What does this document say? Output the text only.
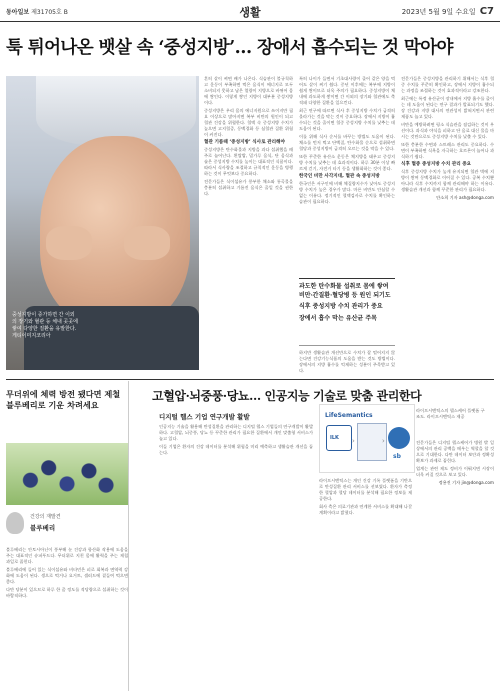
동아일보 제31705호 B	생활	2023년 5월 9일 수요일 C7
툭 튀어나온 뱃살 속 ‘중성지방’… 장애서 흡수되는 것 막아야
중성지방이 증가하면 간 이외의 장기와 혈관 등 체내 곳곳에 쌓여 다양한 질환을 유발한다. 게티이미지코리아

흔히 살이 찌면 배가 나온다. 식습관이 불규칙하고 운동이 부족하면 먹은 음식이 에너지로 모두 소비되지 못하고 남은 열량이 지방으로 바뀌어 몸에 쌓인다. 이렇게 쌓인 지방이 대부분 중성지방이다.

중성지방은 우리 몸의 에너지원으로 쓰이지만 필요 이상으로 많아지면 복부 비만의 원인이 되고 혈관 건강을 위협한다. 혈액 속 중성지방 수치가 높으면 고지혈증, 동맥경화 등 심혈관 질환 위험이 커진다.

혈관 기름때 ‘중성지방’ 식사로 관리해야

중성지방은 탄수화물과 지방을 과다 섭취했을 때 주로 늘어난다. 흰쌀밥, 밀가루 음식, 단 음식과 술은 중성지방 수치를 높이는 대표적인 식품이다. 따라서 식사량을 조절하고 규칙적인 운동을 병행하는 것이 무엇보다 중요하다.

전문가들은 식이섬유가 풍부한 채소와 통곡물을 충분히 섭취하고 기름진 음식은 줄일 것을 권한다.

특히 나이가 들면서 기초대사량이 줄어 같은 양을 먹어도 살이 찌기 쉽다. 중년 이후에는 복부에 지방이 쉽게 쌓이므로 더욱 주의가 필요하다. 중성지방이 체내에 과도하게 쌓이면 간 이외의 장기와 혈관에도 축적돼 다양한 질환을 일으킨다.

최근 연구에 따르면 식사 후 중성지방 수치가 급격히 올라가는 것을 막는 것이 중요하다. 장에서 지방이 흡수되는 것을 줄이면 혈중 중성지방 수치를 낮추는 데 도움이 된다.

이를 위해 식사 순서를 바꾸는 방법도 도움이 된다. 채소를 먼저 먹고 단백질, 탄수화물 순으로 섭취하면 혈당과 중성지방이 급격히 오르는 것을 막을 수 있다.

또한 꾸준한 유산소 운동은 체지방을 태우고 중성지방 수치를 낮추는 데 효과적이다. 하루 30분 이상 빠르게 걷기, 자전거 타기 등을 생활화하는 것이 좋다.

한국인 비만 사각지대, 혈관 속 중성지방

한국인은 서구인에 비해 체질량지수가 낮아도 중성지방 수치가 높은 경우가 많다. 마른 비만도 안심할 수 없는 이유다. 정기적인 혈액검사로 수치를 확인하는 습관이 필요하다.

과도한 탄수화물 섭취로 몸에 쌓여 비만·간질환·혈당병 등 원인 되기도
식후 중성지방 수치 관리가 중요
장에서 흡수 막는 유산균 주목

하지만 생활습관 개선만으로 수치가 잘 떨어지지 않는다면 건강기능식품의 도움을 받는 것도 방법이다. 장에서의 지방 흡수를 억제하는 성분이 주목받고 있다.

전문가들은 중성지방을 관리하기 위해서는 식후 혈중 수치를 꾸준히 확인하고, 장에서 지방이 흡수되는 과정을 조절하는 것이 효과적이라고 강조한다.

최근에는 특정 유산균이 장내에서 지방 흡수를 줄이는 데 도움이 된다는 연구 결과가 발표되기도 했다. 장 건강과 지방 대사의 연관성이 밝혀지면서 관련 제품도 늘고 있다.

비만을 예방하려면 평소 식습관을 점검하는 것이 우선이다. 과식과 야식을 피하고 단 음료 대신 물을 마시는 것만으로도 중성지방 수치를 낮출 수 있다.

또한 충분한 수면과 스트레스 관리도 중요하다. 수면이 부족하면 식욕을 자극하는 호르몬이 늘어나 과식하기 쉽다.

식후 혈중 중성지방 수치 관리 중요

식후 중성지방 수치가 높게 유지되면 혈관 벽에 지방이 쌓여 동맥경화로 이어질 수 있다. 공복 수치뿐 아니라 식후 수치까지 함께 관리해야 하는 이유다. 생활습관 개선과 함께 꾸준한 관리가 필요하다.

안소희 기자 ash@donga.com
무더위에 체력 방전 됐다면 제철 블루베리로 기운 차려세요
건강의 재발견
블루베리

블루베리는 안토시아닌이 풍부해 눈 건강과 항산화 작용에 도움을 주는 대표적인 슈퍼푸드다. 무더위로 지친 몸에 활력을 주는 제철 과일로 꼽힌다.

블루베리에 들어 있는 식이섬유와 비타민은 피로 회복과 면역력 강화에 도움이 된다. 생으로 먹거나 요거트, 샐러드에 곁들여 먹으면 좋다.

다만 당분이 있으므로 하루 한 줌 정도를 적당량으로 섭취하는 것이 바람직하다.

고혈압·뇌중풍·당뇨… 인공지능 기술로 맞춤 관리한다
디지털 헬스 기업 연구개발 활발	LifeSemantics
ILK ›	›
sb
라이프시맨틱스의 헬스케어 플랫폼 구조도. 라이프시맨틱스 제공

인공지능 기술을 활용해 만성질환을 관리하는 디지털 헬스 기업들의 연구개발이 활발하다. 고혈압, 뇌중풍, 당뇨 등 꾸준한 관리가 필요한 질환에서 개인 맞춤형 서비스가 늘고 있다.

이들 기업은 환자의 건강 데이터를 분석해 위험을 미리 예측하고 생활습관 개선을 돕는다.

라이프시맨틱스는 개인 건강 기록 플랫폼을 기반으로 만성질환 관리 서비스를 선보였다. 환자가 측정한 혈압과 혈당 데이터를 분석해 필요한 정보를 제공한다.

회사 측은 의료기관과 연계한 서비스를 확대해 나갈 계획이라고 밝혔다.

전문가들은 디지털 헬스케어가 병원 밖 일상에서의 관리 공백을 메우는 역할을 할 것으로 기대한다. 다만 데이터 보안과 정확성 확보가 과제로 꼽힌다.

업계는 관련 제도 정비가 이뤄지면 시장이 더욱 커질 것으로 보고 있다.

정용진 기자 jin@donga.com
